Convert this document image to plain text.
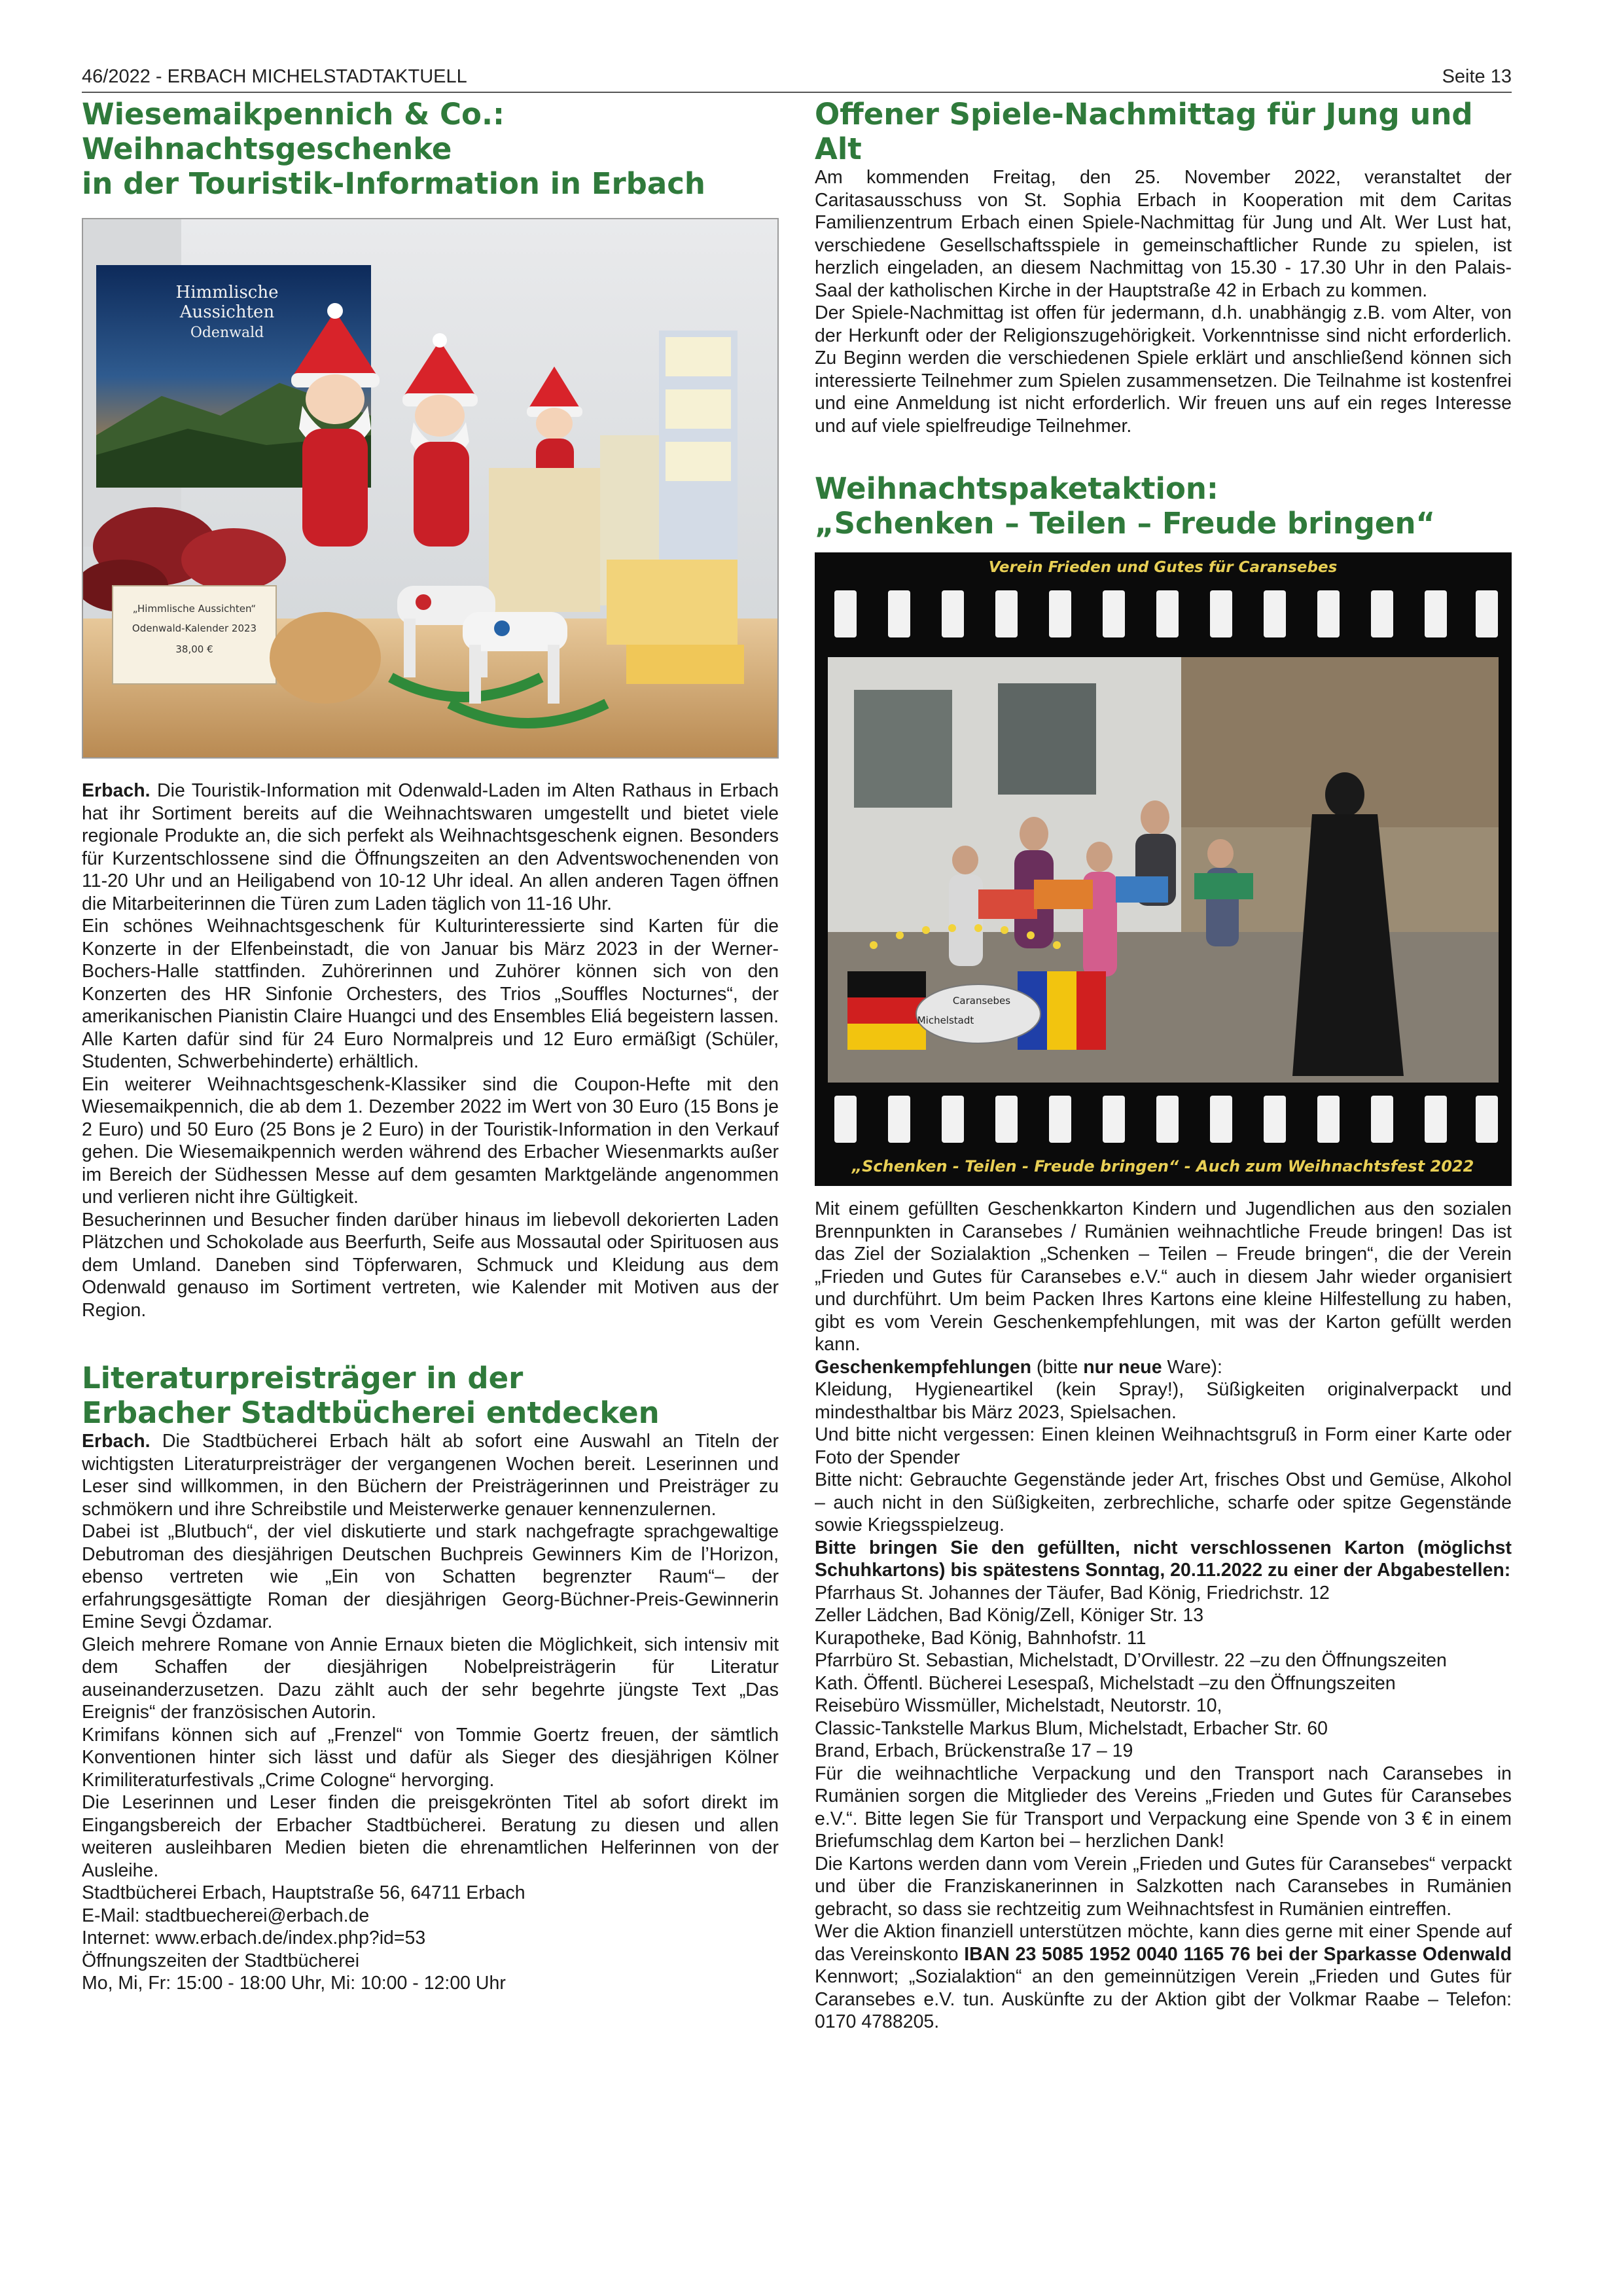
46/2022 - ERBACH MICHELSTADTAKTUELL	Seite 13
Wiesemaikpennich & Co.:
Weihnachtsgeschenke
in der Touristik-Information in Erbach
Himmlische
Aussichten
Odenwald
„Himmlische Aussichten“
Odenwald-Kalender 2023
38,00 €

Erbach. Die Touristik-Information mit Odenwald-Laden im Alten Rathaus in Erbach hat ihr Sortiment bereits auf die Weihnachtswaren umgestellt und bietet viele regionale Produkte an, die sich perfekt als Weihnachtsgeschenk eignen. Besonders für Kurzentschlossene sind die Öffnungszeiten an den Adventswochenenden von 11-20 Uhr und an Heiligabend von 10-12 Uhr ideal. An allen anderen Tagen öffnen die Mitarbeiterinnen die Türen zum Laden täglich von 11-16 Uhr.

Ein schönes Weihnachtsgeschenk für Kulturinteressierte sind Karten für die Konzerte in der Elfenbeinstadt, die von Januar bis März 2023 in der Werner-Bochers-Halle stattfinden. Zuhörerinnen und Zuhörer können sich von den Konzerten des HR Sinfonie Orchesters, des Trios „Souffles Nocturnes“, der amerikanischen Pianistin Claire Huangci und des Ensembles Eliá begeistern lassen. Alle Karten dafür sind für 24 Euro Normalpreis und 12 Euro ermäßigt (Schüler, Studenten, Schwerbehinderte) erhältlich.

Ein weiterer Weihnachtsgeschenk-Klassiker sind die Coupon-Hefte mit den Wiesemaikpennich, die ab dem 1. Dezember 2022 im Wert von 30 Euro (15 Bons je 2 Euro) und 50 Euro (25 Bons je 2 Euro) in der Touristik-Information in den Verkauf gehen. Die Wiesemaikpennich werden während des Erbacher Wiesenmarkts außer im Bereich der Südhessen Messe auf dem gesamten Marktgelände angenommen und verlieren nicht ihre Gültigkeit.

Besucherinnen und Besucher finden darüber hinaus im liebevoll dekorierten Laden Plätzchen und Schokolade aus Beerfurth, Seife aus Mossautal oder Spirituosen aus dem Umland. Daneben sind Töpferwaren, Schmuck und Kleidung aus dem Odenwald genauso im Sortiment vertreten, wie Kalender mit Motiven aus der Region.

Literaturpreisträger in der
Erbacher Stadtbücherei entdecken

Erbach. Die Stadtbücherei Erbach hält ab sofort eine Auswahl an Titeln der wichtigsten Literaturpreisträger der vergangenen Wochen bereit. Leserinnen und Leser sind willkommen, in den Büchern der Preisträgerinnen und Preisträger zu schmökern und ihre Schreibstile und Meisterwerke genauer kennenzulernen.

Dabei ist „Blutbuch“, der viel diskutierte und stark nachgefragte sprachgewaltige Debutroman des diesjährigen Deutschen Buchpreis Gewinners Kim de l’Horizon, ebenso vertreten wie „Ein von Schatten begrenzter Raum“– der erfahrungsgesättigte Roman der diesjährigen Georg-Büchner-Preis-Gewinnerin Emine Sevgi Özdamar.

Gleich mehrere Romane von Annie Ernaux bieten die Möglichkeit, sich intensiv mit dem Schaffen der diesjährigen Nobelpreisträgerin für Literatur auseinanderzusetzen. Dazu zählt auch der sehr begehrte jüngste Text „Das Ereignis“ der französischen Autorin.

Krimifans können sich auf „Frenzel“ von Tommie Goertz freuen, der sämtlich Konventionen hinter sich lässt und dafür als Sieger des diesjährigen Kölner Krimiliteraturfestivals „Crime Cologne“ hervorging.

Die Leserinnen und Leser finden die preisgekrönten Titel ab sofort direkt im Eingangsbereich der Erbacher Stadtbücherei. Beratung zu diesen und allen weiteren ausleihbaren Medien bieten die ehrenamtlichen Helferinnen von der Ausleihe.

Stadtbücherei Erbach, Hauptstraße 56, 64711 Erbach

E-Mail: stadtbuecherei@erbach.de

Internet: www.erbach.de/index.php?id=53

Öffnungszeiten der Stadtbücherei

Mo, Mi, Fr: 15:00 - 18:00 Uhr, Mi: 10:00 - 12:00 Uhr

Offener Spiele-Nachmittag für Jung und Alt

Am kommenden Freitag, den 25. November 2022, veranstaltet der Caritasausschuss von St. Sophia Erbach in Kooperation mit dem Caritas Familienzentrum Erbach einen Spiele-Nachmittag für Jung und Alt. Wer Lust hat, verschiedene Gesellschaftsspiele in gemeinschaftlicher Runde zu spielen, ist herzlich eingeladen, an diesem Nachmittag von 15.30 - 17.30 Uhr in den Palais-Saal der katholischen Kirche in der Hauptstraße 42 in Erbach zu kommen.

Der Spiele-Nachmittag ist offen für jedermann, d.h. unabhängig z.B. vom Alter, von der Herkunft oder der Religionszugehörigkeit. Vorkenntnisse sind nicht erforderlich. Zu Beginn werden die verschiedenen Spiele erklärt und anschließend können sich interessierte Teilnehmer zum Spielen zusammensetzen. Die Teilnahme ist kostenfrei und eine Anmeldung ist nicht erforderlich. Wir freuen uns auf ein reges Interesse und auf viele spielfreudige Teilnehmer.

Weihnachtspaketaktion:
„Schenken – Teilen – Freude bringen“
Verein Frieden und Gutes für Caransebes
Caransebes
Michelstadt
„Schenken - Teilen - Freude bringen“ - Auch zum Weihnachtsfest 2022

Mit einem gefüllten Geschenkkarton Kindern und Jugendlichen aus den sozialen Brennpunkten in Caransebes / Rumänien weihnachtliche Freude bringen! Das ist das Ziel der Sozialaktion „Schenken – Teilen – Freude bringen“, die der Verein „Frieden und Gutes für Caransebes e.V.“ auch in diesem Jahr wieder organisiert und durchführt. Um beim Packen Ihres Kartons eine kleine Hilfestellung zu haben, gibt es vom Verein Geschenkempfehlungen, mit was der Karton gefüllt werden kann.

Geschenkempfehlungen (bitte nur neue Ware):

Kleidung, Hygieneartikel (kein Spray!), Süßigkeiten originalverpackt und mindesthaltbar bis März 2023, Spielsachen.

Und bitte nicht vergessen: Einen kleinen Weihnachtsgruß in Form einer Karte oder Foto der Spender

Bitte nicht: Gebrauchte Gegenstände jeder Art, frisches Obst und Gemüse, Alkohol – auch nicht in den Süßigkeiten, zerbrechliche, scharfe oder spitze Gegenstände sowie Kriegsspielzeug.

Bitte bringen Sie den gefüllten, nicht verschlossenen Karton (möglichst Schuhkartons) bis spätestens Sonntag, 20.11.2022 zu einer der Abgabestellen:

Pfarrhaus St. Johannes der Täufer, Bad König, Friedrichstr. 12

Zeller Lädchen, Bad König/Zell, Königer Str. 13

Kurapotheke, Bad König, Bahnhofstr. 11

Pfarrbüro St. Sebastian, Michelstadt, D’Orvillestr. 22 –zu den Öffnungszeiten

Kath. Öffentl. Bücherei Lesespaß, Michelstadt –zu den Öffnungszeiten

Reisebüro Wissmüller, Michelstadt, Neutorstr. 10,

Classic-Tankstelle Markus Blum, Michelstadt, Erbacher Str. 60

Brand, Erbach, Brückenstraße 17 – 19

Für die weihnachtliche Verpackung und den Transport nach Caransebes in Rumänien sorgen die Mitglieder des Vereins „Frieden und Gutes für Caransebes e.V.“. Bitte legen Sie für Transport und Verpackung eine Spende von 3 € in einem Briefumschlag dem Karton bei – herzlichen Dank!

Die Kartons werden dann vom Verein „Frieden und Gutes für Caransebes“ verpackt und über die Franziskanerinnen in Salzkotten nach Caransebes in Rumänien gebracht, so dass sie rechtzeitig zum Weihnachtsfest in Rumänien eintreffen.

Wer die Aktion finanziell unterstützen möchte, kann dies gerne mit einer Spende auf das Vereinskonto IBAN 23 5085 1952 0040 1165 76 bei der Sparkasse Odenwald Kennwort; „Sozialaktion“ an den gemeinnützigen Verein „Frieden und Gutes für Caransebes e.V. tun. Auskünfte zu der Aktion gibt der Volkmar Raabe – Telefon: 0170 4788205.
